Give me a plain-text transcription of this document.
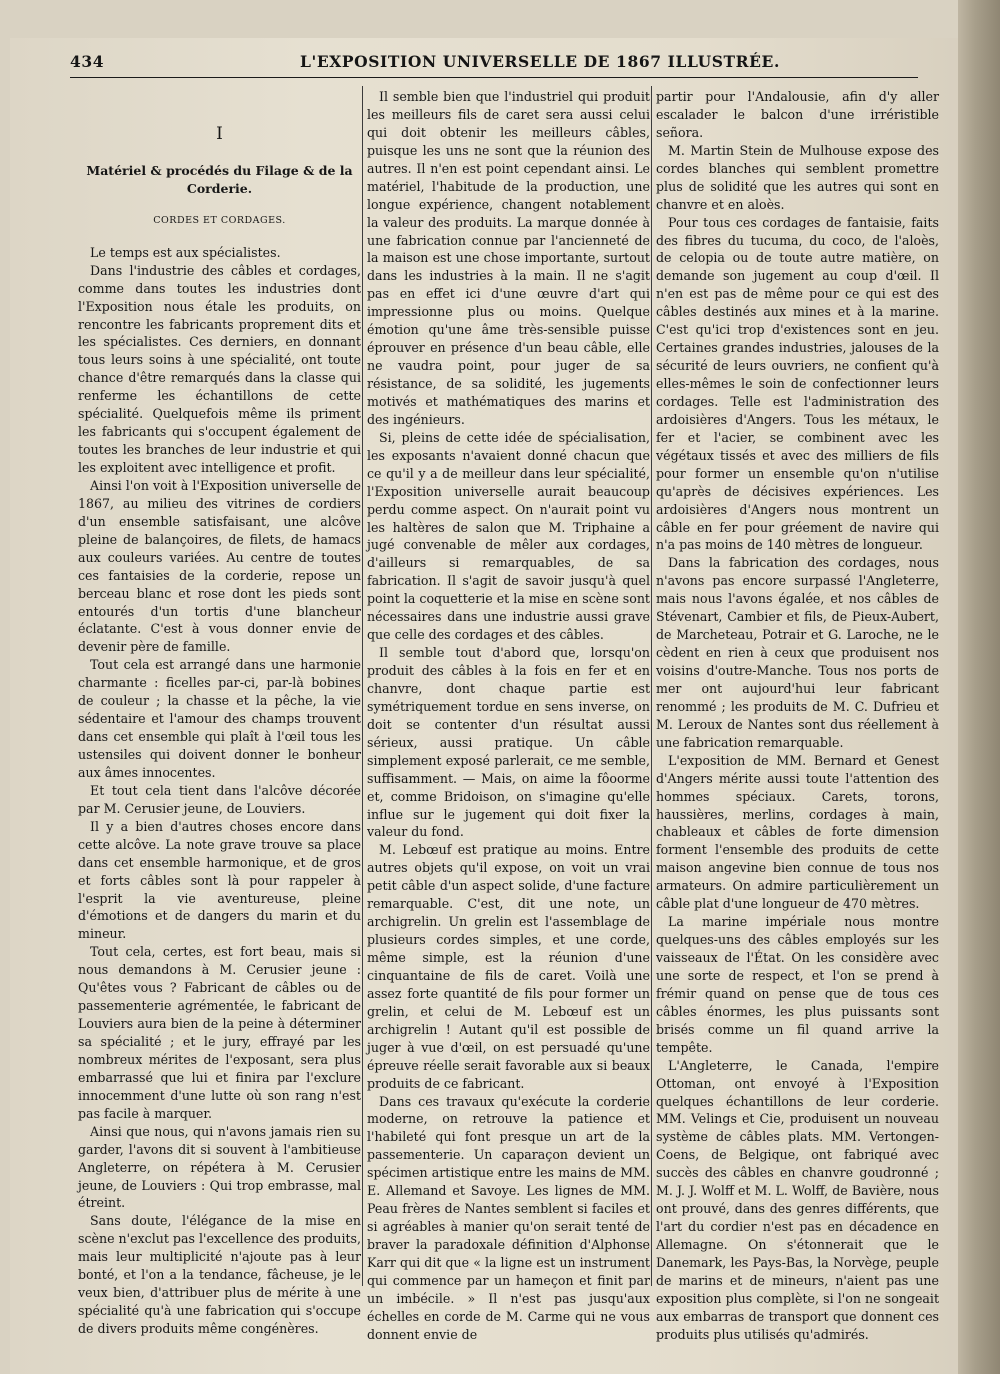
434	L'EXPOSITION UNIVERSELLE DE 1867 ILLUSTRÉE.
I
Matériel & procédés du Filage & de la Corderie.
CORDES ET CORDAGES.

Le temps est aux spécialistes.

Dans l'industrie des câbles et cordages, comme dans toutes les industries dont l'Exposition nous étale les produits, on rencontre les fabricants proprement dits et les spécialistes. Ces derniers, en donnant tous leurs soins à une spécialité, ont toute chance d'être remarqués dans la classe qui renferme les échantillons de cette spécialité. Quelquefois même ils priment les fabricants qui s'occupent également de toutes les branches de leur industrie et qui les exploitent avec intelligence et profit.

Ainsi l'on voit à l'Exposition universelle de 1867, au milieu des vitrines de cordiers d'un ensemble satisfaisant, une alcôve pleine de balançoires, de filets, de hamacs aux couleurs variées. Au centre de toutes ces fantaisies de la corderie, repose un berceau blanc et rose dont les pieds sont entourés d'un tortis d'une blancheur éclatante. C'est à vous donner envie de devenir père de famille.

Tout cela est arrangé dans une harmonie charmante : ficelles par-ci, par-là bobines de couleur ; la chasse et la pêche, la vie sédentaire et l'amour des champs trouvent dans cet ensemble qui plaît à l'œil tous les ustensiles qui doivent donner le bonheur aux âmes innocentes.

Et tout cela tient dans l'alcôve décorée par M. Cerusier jeune, de Louviers.

Il y a bien d'autres choses encore dans cette alcôve. La note grave trouve sa place dans cet ensemble harmonique, et de gros et forts câbles sont là pour rappeler à l'esprit la vie aventureuse, pleine d'émotions et de dangers du marin et du mineur.

Tout cela, certes, est fort beau, mais si nous demandons à M. Cerusier jeune : Qu'êtes vous ? Fabricant de câbles ou de passementerie agrémentée, le fabricant de Louviers aura bien de la peine à déterminer sa spécialité ; et le jury, effrayé par les nombreux mérites de l'exposant, sera plus embarrassé que lui et finira par l'exclure innocemment d'une lutte où son rang n'est pas facile à marquer.

Ainsi que nous, qui n'avons jamais rien su garder, l'avons dit si souvent à l'ambitieuse Angleterre, on répétera à M. Cerusier jeune, de Louviers : Qui trop embrasse, mal étreint.

Sans doute, l'élégance de la mise en scène n'exclut pas l'excellence des produits, mais leur multiplicité n'ajoute pas à leur bonté, et l'on a la tendance, fâcheuse, je le veux bien, d'attribuer plus de mérite à une spécialité qu'à une fabrication qui s'occupe de divers produits même congénères.

Il semble bien que l'industriel qui produit les meilleurs fils de caret sera aussi celui qui doit obtenir les meilleurs câbles, puisque les uns ne sont que la réunion des autres. Il n'en est point cependant ainsi. Le matériel, l'habitude de la production, une longue expérience, changent notablement la valeur des produits. La marque donnée à une fabrication connue par l'ancienneté de la maison est une chose importante, surtout dans les industries à la main. Il ne s'agit pas en effet ici d'une œuvre d'art qui impressionne plus ou moins. Quelque émotion qu'une âme très-sensible puisse éprouver en présence d'un beau câble, elle ne vaudra point, pour juger de sa résistance, de sa solidité, les jugements motivés et mathématiques des marins et des ingénieurs.

Si, pleins de cette idée de spécialisation, les exposants n'avaient donné chacun que ce qu'il y a de meilleur dans leur spécialité, l'Exposition universelle aurait beaucoup perdu comme aspect. On n'aurait point vu les haltères de salon que M. Triphaine a jugé convenable de mêler aux cordages, d'ailleurs si remarquables, de sa fabrication. Il s'agit de savoir jusqu'à quel point la coquetterie et la mise en scène sont nécessaires dans une industrie aussi grave que celle des cordages et des câbles.

Il semble tout d'abord que, lorsqu'on produit des câbles à la fois en fer et en chanvre, dont chaque partie est symétriquement tordue en sens inverse, on doit se contenter d'un résultat aussi sérieux, aussi pratique. Un câble simplement exposé parlerait, ce me semble, suffisamment. — Mais, on aime la fôoorme et, comme Bridoison, on s'imagine qu'elle influe sur le jugement qui doit fixer la valeur du fond.

M. Lebœuf est pratique au moins. Entre autres objets qu'il expose, on voit un vrai petit câble d'un aspect solide, d'une facture remarquable. C'est, dit une note, un archigrelin. Un grelin est l'assemblage de plusieurs cordes simples, et une corde, même simple, est la réunion d'une cinquantaine de fils de caret. Voilà une assez forte quantité de fils pour former un grelin, et celui de M. Lebœuf est un archigrelin ! Autant qu'il est possible de juger à vue d'œil, on est persuadé qu'une épreuve réelle serait favorable aux si beaux produits de ce fabricant.

Dans ces travaux qu'exécute la corderie moderne, on retrouve la patience et l'habileté qui font presque un art de la passementerie. Un caparaçon devient un spécimen artistique entre les mains de MM. E. Allemand et Savoye. Les lignes de MM. Peau frères de Nantes semblent si faciles et si agréables à manier qu'on serait tenté de braver la paradoxale définition d'Alphonse Karr qui dit que « la ligne est un instrument qui commence par un hameçon et finit par un imbécile. » Il n'est pas jusqu'aux échelles en corde de M. Carme qui ne vous donnent envie de

partir pour l'Andalousie, afin d'y aller escalader le balcon d'une irréristible señora.

M. Martin Stein de Mulhouse expose des cordes blanches qui semblent promettre plus de solidité que les autres qui sont en chanvre et en aloès.

Pour tous ces cordages de fantaisie, faits des fibres du tucuma, du coco, de l'aloès, de celopia ou de toute autre matière, on demande son jugement au coup d'œil. Il n'en est pas de même pour ce qui est des câbles destinés aux mines et à la marine. C'est qu'ici trop d'existences sont en jeu. Certaines grandes industries, jalouses de la sécurité de leurs ouvriers, ne confient qu'à elles-mêmes le soin de confectionner leurs cordages. Telle est l'administration des ardoisières d'Angers. Tous les métaux, le fer et l'acier, se combinent avec les végétaux tissés et avec des milliers de fils pour former un ensemble qu'on n'utilise qu'après de décisives expériences. Les ardoisières d'Angers nous montrent un câble en fer pour gréement de navire qui n'a pas moins de 140 mètres de longueur.

Dans la fabrication des cordages, nous n'avons pas encore surpassé l'Angleterre, mais nous l'avons égalée, et nos câbles de Stévenart, Cambier et fils, de Pieux-Aubert, de Marcheteau, Potrair et G. Laroche, ne le cèdent en rien à ceux que produisent nos voisins d'outre-Manche. Tous nos ports de mer ont aujourd'hui leur fabricant renommé ; les produits de M. C. Dufrieu et M. Leroux de Nantes sont dus réellement à une fabrication remarquable.

L'exposition de MM. Bernard et Genest d'Angers mérite aussi toute l'attention des hommes spéciaux. Carets, torons, haussières, merlins, cordages à main, chableaux et câbles de forte dimension forment l'ensemble des produits de cette maison angevine bien connue de tous nos armateurs. On admire particulièrement un câble plat d'une longueur de 470 mètres.

La marine impériale nous montre quelques-uns des câbles employés sur les vaisseaux de l'État. On les considère avec une sorte de respect, et l'on se prend à frémir quand on pense que de tous ces câbles énormes, les plus puissants sont brisés comme un fil quand arrive la tempête.

L'Angleterre, le Canada, l'empire Ottoman, ont envoyé à l'Exposition quelques échantillons de leur corderie. MM. Velings et Cie, produisent un nouveau système de câbles plats. MM. Vertongen-Coens, de Belgique, ont fabriqué avec succès des câbles en chanvre goudronné ; M. J. J. Wolff et M. L. Wolff, de Bavière, nous ont prouvé, dans des genres différents, que l'art du cordier n'est pas en décadence en Allemagne. On s'étonnerait que le Danemark, les Pays-Bas, la Norvège, peuple de marins et de mineurs, n'aient pas une exposition plus complète, si l'on ne songeait aux embarras de transport que donnent ces produits plus utilisés qu'admirés.
